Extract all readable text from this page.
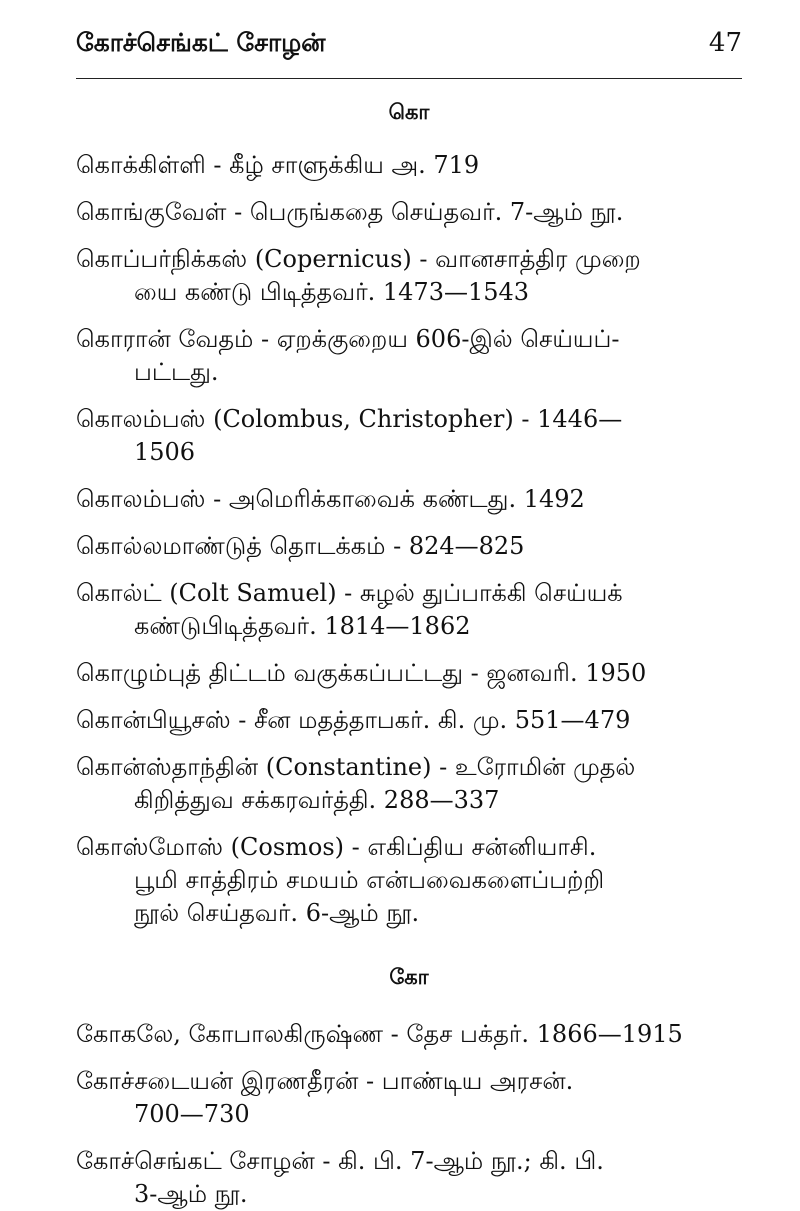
கோச்செங்கட் சோழன்	47
கொ
கொக்கிள்ளி - கீழ் சாளுக்கிய அ. 719
கொங்குவேள் - பெருங்கதை செய்தவர். 7-ஆம் நூ.
கொப்பர்நிக்கஸ் (Copernicus) - வானசாத்திர முறை
யை கண்டு பிடித்தவர். 1473—1543
கொரான் வேதம் - ஏறக்குறைய 606-இல் செய்யப்-
பட்டது.
கொலம்பஸ் (Colombus, Christopher) - 1446—
1506
கொலம்பஸ் - அமெரிக்காவைக் கண்டது. 1492
கொல்லமாண்டுத் தொடக்கம் - 824—825
கொல்ட் (Colt Samuel) - சுழல் துப்பாக்கி செய்யக்
கண்டுபிடித்தவர். 1814—1862
கொழும்புத் திட்டம் வகுக்கப்பட்டது - ஜனவரி. 1950
கொன்பியூசஸ் - சீன மதத்தாபகர். கி. மு. 551—479
கொன்ஸ்தாந்தின் (Constantine) - உரோமின் முதல்
கிறித்துவ சக்கரவர்த்தி. 288—337
கொஸ்மோஸ் (Cosmos) - எகிப்திய சன்னியாசி.
பூமி சாத்திரம் சமயம் என்பவைகளைப்பற்றி
நூல் செய்தவர். 6-ஆம் நூ.
கோ
கோகலே, கோபாலகிருஷ்ண - தேச பக்தர். 1866—1915
கோச்சடையன் இரணதீரன் - பாண்டிய அரசன்.
700—730
கோச்செங்கட் சோழன் - கி. பி. 7-ஆம் நூ.; கி. பி.
3-ஆம் நூ.
